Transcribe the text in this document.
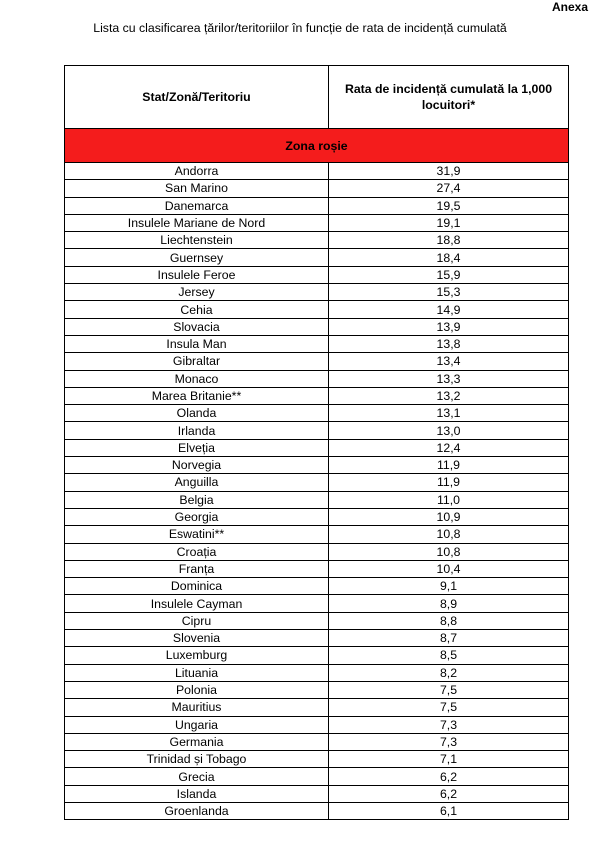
Anexa
Lista cu clasificarea țărilor/teritoriilor în funcție de rata de incidență cumulată
Stat/Zonă/Teritoriu	Rata de incidență cumulată la 1,000 locuitori*

Zona roșie	
Andorra	31,9
San Marino	27,4
Danemarca	19,5
Insulele Mariane de Nord	19,1
Liechtenstein	18,8
Guernsey	18,4
Insulele Feroe	15,9
Jersey	15,3
Cehia	14,9
Slovacia	13,9
Insula Man	13,8
Gibraltar	13,4
Monaco	13,3
Marea Britanie**	13,2
Olanda	13,1
Irlanda	13,0
Elveția	12,4
Norvegia	11,9
Anguilla	11,9
Belgia	11,0
Georgia	10,9
Eswatini**	10,8
Croația	10,8
Franța	10,4
Dominica	9,1
Insulele Cayman	8,9
Cipru	8,8
Slovenia	8,7
Luxemburg	8,5
Lituania	8,2
Polonia	7,5
Mauritius	7,5
Ungaria	7,3
Germania	7,3
Trinidad și Tobago	7,1
Grecia	6,2
Islanda	6,2
Groenlanda	6,1
